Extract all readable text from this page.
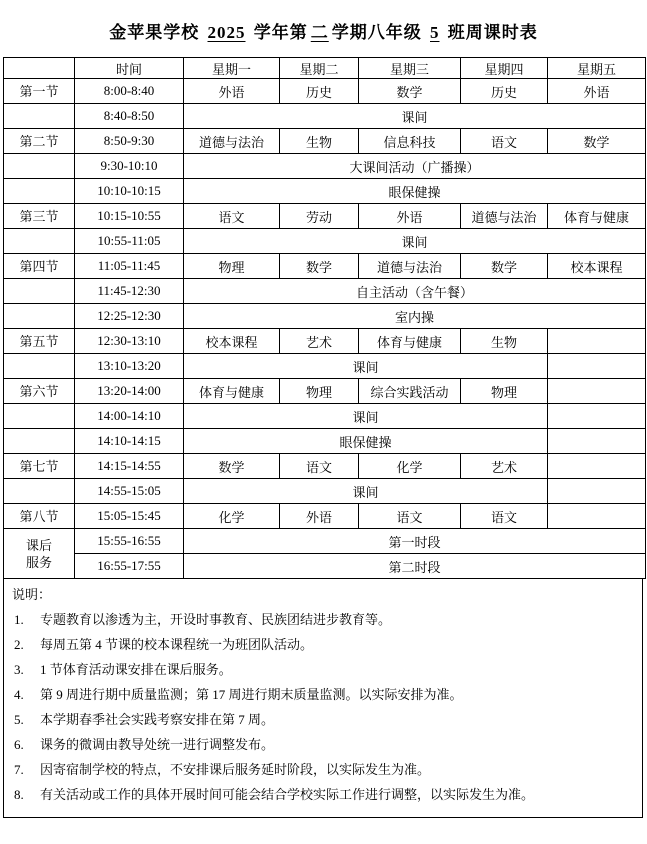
金苹果学校 2025 学年第 二 学期八年级 5 班周课时表
	时间	星期一	星期二	星期三	星期四	星期五
第一节	8:00-8:40	外语	历史	数学	历史	外语
	8:40-8:50	课间				
第二节	8:50-9:30	道德与法治	生物	信息科技	语文	数学
	9:30-10:10	大课间活动（广播操）				
	10:10-10:15	眼保健操				
第三节	10:15-10:55	语文	劳动	外语	道德与法治	体育与健康
	10:55-11:05	课间				
第四节	11:05-11:45	物理	数学	道德与法治	数学	校本课程
	11:45-12:30	自主活动（含午餐）				
	12:25-12:30	室内操				
第五节	12:30-13:10	校本课程	艺术	体育与健康	生物	
	13:10-13:20	课间				
第六节	13:20-14:00	体育与健康	物理	综合实践活动	物理	
	14:00-14:10	课间				
	14:10-14:15	眼保健操				
第七节	14:15-14:55	数学	语文	化学	艺术	
	14:55-15:05	课间				
第八节	15:05-15:45	化学	外语	语文	语文	
课后
服务	15:55-16:55	第一时段				
	16:55-17:55	第二时段				
说明：
1. 专题教育以渗透为主，开设时事教育、民族团结进步教育等。
2. 每周五第 4 节课的校本课程统一为班团队活动。
3. 1 节体育活动课安排在课后服务。
4. 第 9 周进行期中质量监测；第 17 周进行期末质量监测。以实际安排为准。
5. 本学期春季社会实践考察安排在第 7 周。
6. 课务的微调由教导处统一进行调整发布。
7. 因寄宿制学校的特点，不安排课后服务延时阶段，以实际发生为准。
8. 有关活动或工作的具体开展时间可能会结合学校实际工作进行调整，以实际发生为准。
